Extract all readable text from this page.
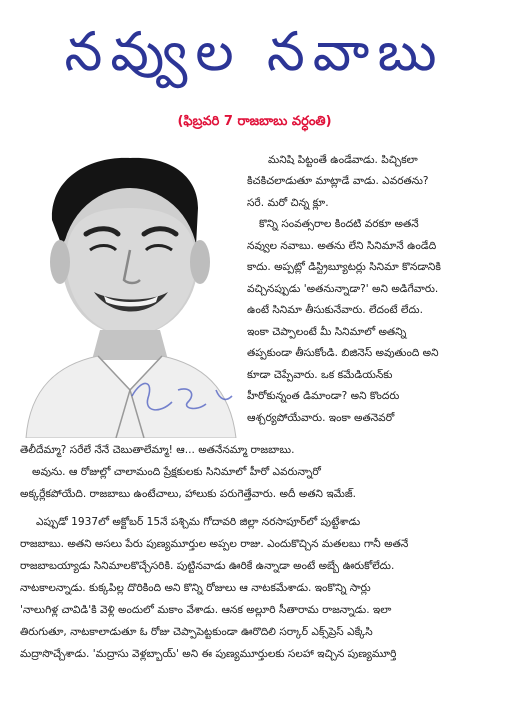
నవ్వుల నవాబు
(ఫిబ్రవరి 7 రాజబాబు వర్ధంతి)
మనిషి పిట్టంతే ఉండేవాడు. పిచ్చికలా
కిచకిచలాడుతూ మాట్లాడే వాడు. ఎవరతను?
సరే. మరో చిన్న క్లూ.
కొన్ని సంవత్సరాల కిందటి వరకూ అతనే
నవ్వుల నవాబు. అతను లేని సినిమానే ఉండేది
కాదు. అప్పట్లో డిస్ట్రిబ్యూటర్లు సినిమా కొనడానికి
వచ్చినప్పుడు 'అతనున్నాడా?' అని అడిగేవారు.
ఉంటే సినిమా తీసుకునేవారు. లేదంటే లేదు.
ఇంకా చెప్పాలంటే మీ సినిమాలో అతన్ని
తప్పకుండా తీసుకోండి. బిజినెస్ అవుతుంది అని
కూడా చెప్పేవారు. ఒక కమేడియన్‌కు
హీరోకున్నంత డిమాండా? అని కొందరు
ఆశ్చర్యపోయేవారు. ఇంకా అతనెవరో
తెలీదేమ్మా? సరేలే నేనే చెబుతాలేమ్మా! ఆ... అతనేనమ్మా రాజబాబు.
అవును. ఆ రోజుల్లో చాలామంది ప్రేక్షకులకు సినిమాలో హీరో ఎవరున్నారో
అక్కర్లేకపోయేది. రాజబాబు ఉంటేచాలు, హాలుకు పరుగెత్తేవారు. అదీ అతని ఇమేజ్.
ఎప్పుడో 1937లో అక్టోబర్ 15నే పశ్చిమ గోదావరి జిల్లా నరసాపూర్‌లో పుట్టేశాడు
రాజబాబు. అతని అసలు పేరు పుణ్యమూర్తుల అప్పల రాజు. ఎందుకొచ్చిన మతలబు గానీ అతనే
రాజబాబయ్యాడు సినిమాలకొచ్చేసరికి. పుట్టినవాడు ఊరికే ఉన్నాడా అంటే అబ్బే ఊరుకోలేదు.
నాటకాలన్నాడు. కుక్కపిల్ల దొరికింది అని కొన్ని రోజులు ఆ నాటకమేశాడు. ఇంకొన్ని సార్లు
'నాలుగిళ్ల చావిడి'కి వెళ్లి అందులో మకాం వేశాడు. ఆనక అల్లూరి సీతారామ రాజన్నాడు. ఇలా
తిరుగుతూ, నాటకాలాడుతూ ఓ రోజు చెప్పాపెట్టకుండా ఊరొదిలి సర్కార్ ఎక్స్‌ప్రెస్ ఎక్కేసి
మద్రాసొచ్చేశాడు. 'మద్రాసు వెళ్లబ్బాయ్' అని ఈ పుణ్యమూర్తులకు సలహా ఇచ్చిన పుణ్యమూర్తి
